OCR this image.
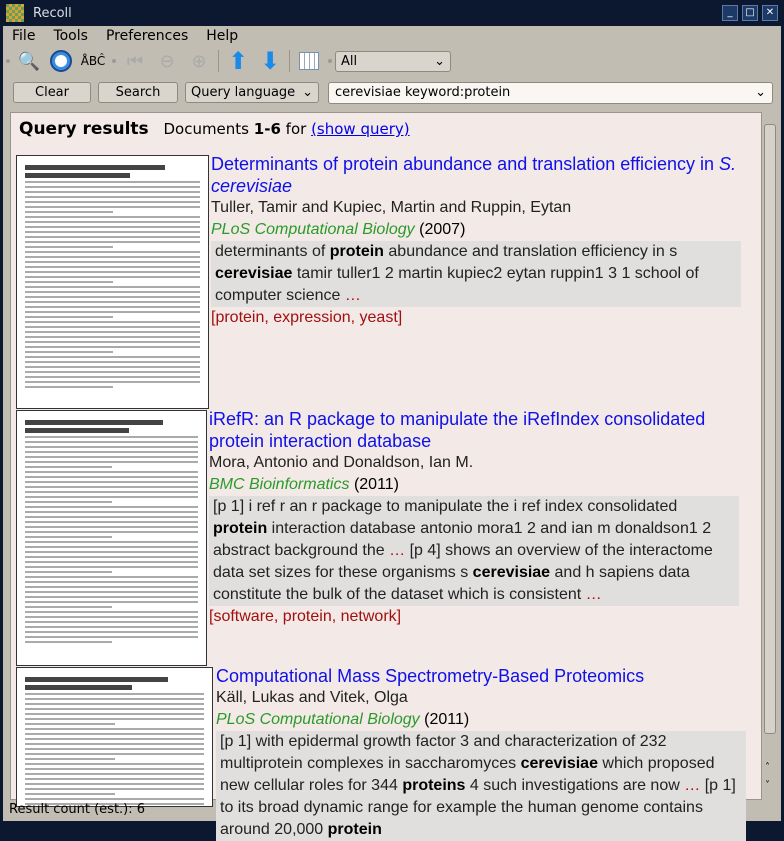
Recoll	_	□	✕
File	Tools	Preferences	Help
🔍	ÅBĈ ⏮ ⊖ ⊕ ⬆ ⬇	All	⌄
Clear	Search	Query language ⌄ cerevisiae keyword:protein	⌄
Query results Documents 1-6 for (show query)
Determinants of protein abundance and translation efficiency in S. cerevisiae
Tuller, Tamir and Kupiec, Martin and Ruppin, Eytan
PLoS Computational Biology (2007)
determinants of protein abundance and translation efficiency in s cerevisiae tamir tuller1 2 martin kupiec2 eytan ruppin1 3 1 school of computer science …
[protein, expression, yeast]
iRefR: an R package to manipulate the iRefIndex consolidated protein interaction database
Mora, Antonio and Donaldson, Ian M.
BMC Bioinformatics (2011)
[p 1] i ref r an r package to manipulate the i ref index consolidated protein interaction database antonio mora1 2 and ian m donaldson1 2 abstract background the … [p 4] shows an overview of the interactome data set sizes for these organisms s cerevisiae and h sapiens data constitute the bulk of the dataset which is consistent …
[software, protein, network]
Computational Mass Spectrometry-Based Proteomics
Käll, Lukas and Vitek, Olga
PLoS Computational Biology (2011)
[p 1] with epidermal growth factor 3 and characterization of 232 multiprotein complexes in saccharomyces cerevisiae which proposed new cellular roles for 344 proteins 4 such investigations are now … [p 1] to its broad dynamic range for example the human genome contains around 20,000 protein
˄
˅
Result count (est.): 6
